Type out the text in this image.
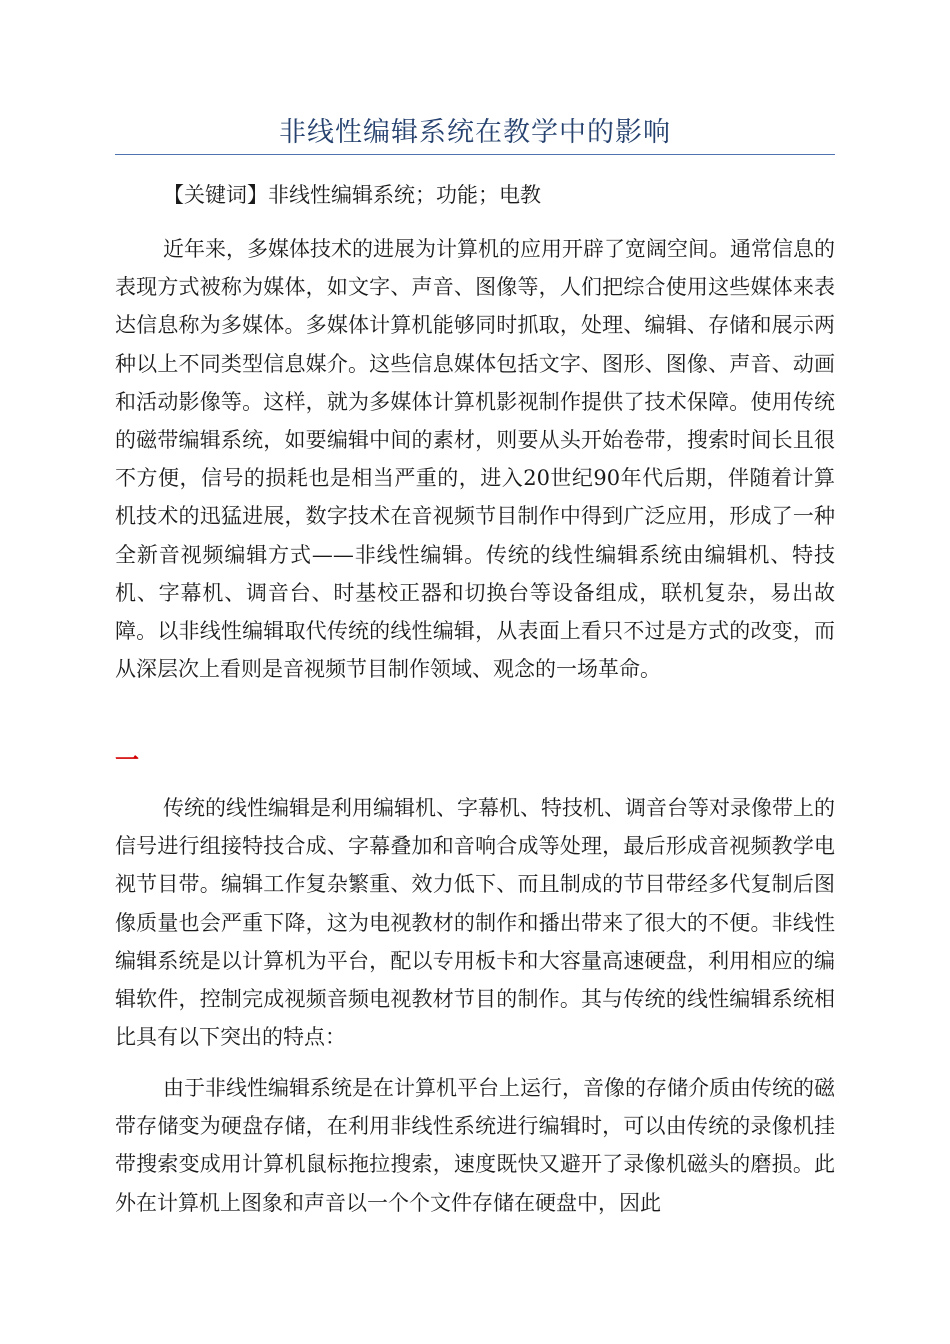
非线性编辑系统在教学中的影响
【关键词】非线性编辑系统；功能；电教

近年来，多媒体技术的进展为计算机的应用开辟了宽阔空间。通常信息的表现方式被称为媒体，如文字、声音、图像等，人们把综合使用这些媒体来表达信息称为多媒体。多媒体计算机能够同时抓取，处理、编辑、存储和展示两种以上不同类型信息媒介。这些信息媒体包括文字、图形、图像、声音、动画和活动影像等。这样，就为多媒体计算机影视制作提供了技术保障。使用传统的磁带编辑系统，如要编辑中间的素材，则要从头开始卷带，搜索时间长且很不方便，信号的损耗也是相当严重的，进入20世纪90年代后期，伴随着计算机技术的迅猛进展，数字技术在音视频节目制作中得到广泛应用，形成了一种全新音视频编辑方式——非线性编辑。传统的线性编辑系统由编辑机、特技机、字幕机、调音台、时基校正器和切换台等设备组成，联机复杂，易出故障。以非线性编辑取代传统的线性编辑，从表面上看只不过是方式的改变，而从深层次上看则是音视频节目制作领域、观念的一场革命。

一

传统的线性编辑是利用编辑机、字幕机、特技机、调音台等对录像带上的信号进行组接特技合成、字幕叠加和音响合成等处理，最后形成音视频教学电视节目带。编辑工作复杂繁重、效力低下、而且制成的节目带经多代复制后图像质量也会严重下降，这为电视教材的制作和播出带来了很大的不便。非线性编辑系统是以计算机为平台，配以专用板卡和大容量高速硬盘，利用相应的编辑软件，控制完成视频音频电视教材节目的制作。其与传统的线性编辑系统相比具有以下突出的特点：

由于非线性编辑系统是在计算机平台上运行，音像的存储介质由传统的磁带存储变为硬盘存储，在利用非线性系统进行编辑时，可以由传统的录像机挂带搜索变成用计算机鼠标拖拉搜索，速度既快又避开了录像机磁头的磨损。此外在计算机上图象和声音以一个个文件存储在硬盘中，因此
